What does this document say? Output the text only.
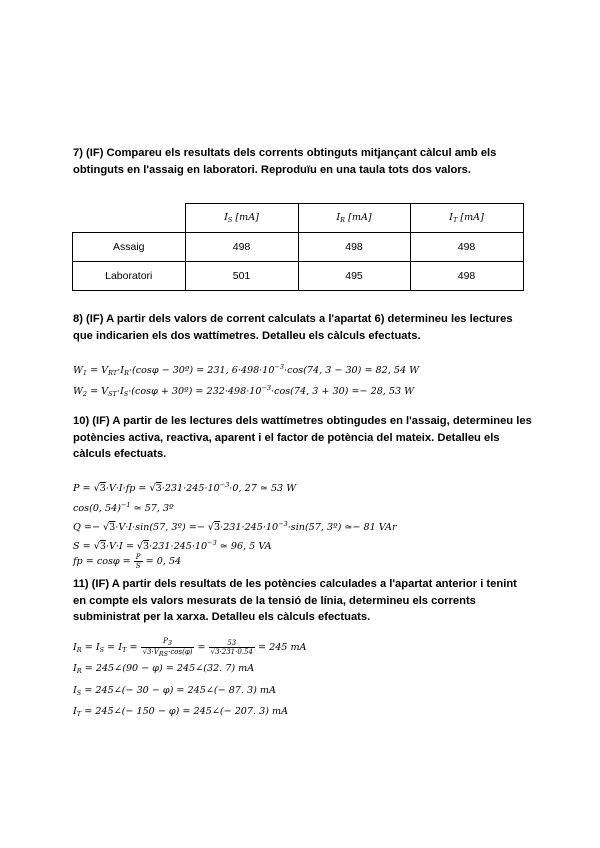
7) (IF) Compareu els resultats dels corrents obtinguts mitjançant càlcul amb els obtinguts en l'assaig en laboratori. Reproduïu en una taula tots dos valors.
	$I_S$ [mA]	$I_R$ [mA]	$I_T$ [mA]
Assaig	498	498	498
Laboratori	501	495	498
8) (IF) A partir dels valors de corrent calculats a l'apartat 6) determineu les lectures que indicarien els dos wattímetres. Detalleu els càlculs efectuats.
$W_1 = V_{RT}\cdot I_R\cdot(\cos\varphi$ − 30º) = 231, $6\cdot 498\cdot 10^{-3}\cdot\cos(74$, 3 − 30) = 82, 54 W
$W_2 = V_{ST}\cdot I_S\cdot(\cos\varphi$ + 30º) = $232\cdot 498\cdot 10^{-3}\cdot\cos(74$, 3 + 30) =− 28, 53 W
10) (IF) A partir de les lectures dels wattímetres obtingudes en l'assaig, determineu les potències activa, reactiva, aparent i el factor de potència del mateix. Detalleu els càlculs efectuats.
$P = √3\cdot V\cdot I\cdot fp = √3\cdot 231\cdot 245\cdot 10^{-3}\cdot 0$, 27 ≃ 53 W
cos(0, 54)$^{-1}$ ≃ 57, 3º
Q =− √3·V·I·sin(57, 3º) =− $√3\cdot 231\cdot 245\cdot 10^{-3}\cdot\sin(57$, 3º) ≃− 81 VAr
$S = √3\cdot V\cdot I = √3\cdot 231\cdot 245\cdot 10^{-3}$ ≃ 96, 5 VA
fp = $\cos\varphi = \frac{P}{S} = 0$, 54
11) (IF) A partir dels resultats de les potències calculades a l'apartat anterior i tenint en compte els valors mesurats de la tensió de línia, determineu els corrents subministrat per la xarxa. Detalleu els càlculs efectuats.
$I_R = I_S = I_T = \frac{P_3}{√3\cdot V_{RS}\cdot\cos(\varphi)} = \frac{53}{√3\cdot 231\cdot 0.54} = 245$ mA
$I_R$ = 245∠(90 − φ) = 245∠(32. 7) mA
$I_S$ = 245∠(− 30 − φ) = 245∠(− 87. 3) mA
$I_T$ = 245∠(− 150 − φ) = 245∠(− 207. 3) mA
